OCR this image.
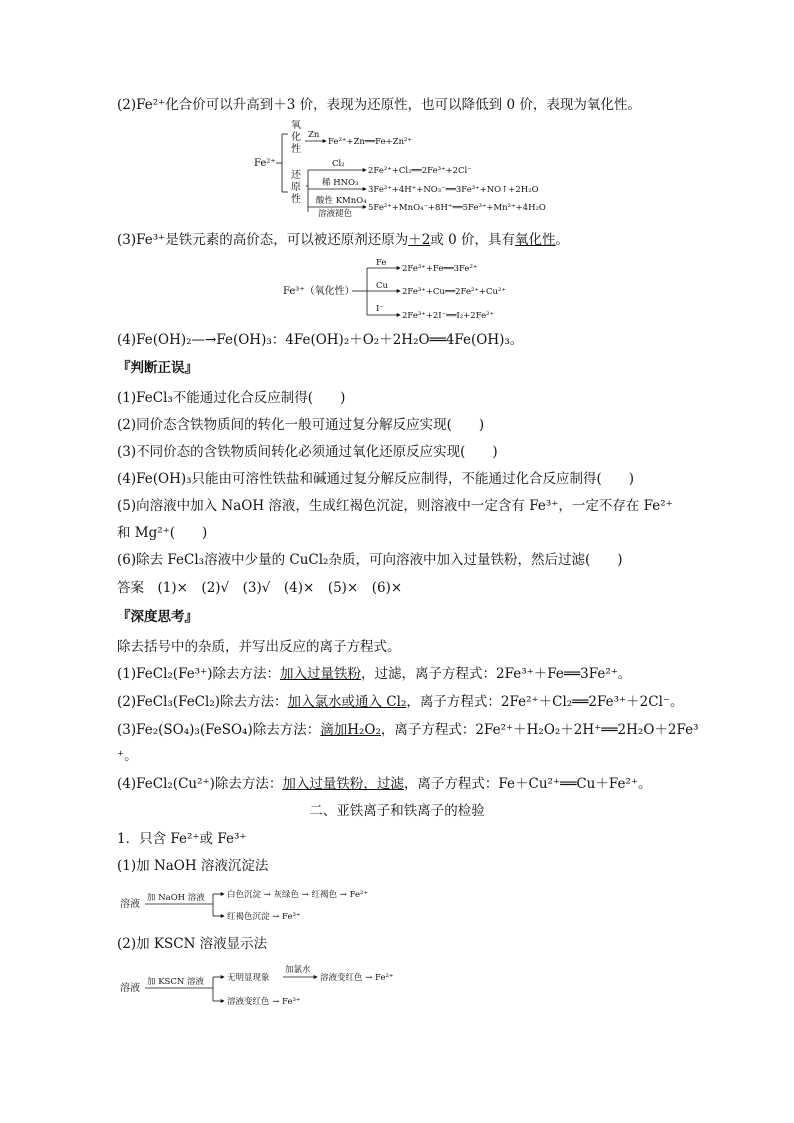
(2)Fe²⁺化合价可以升高到＋3 价，表现为还原性，也可以降低到 0 价，表现为氧化性。
Fe²⁺
氧
化
性
还
原
性
Zn
Fe²⁺+Zn══Fe+Zn²⁺
Cl₂
2Fe²⁺+Cl₂══2Fe³⁺+2Cl⁻
稀 HNO₃
3Fe²⁺+4H⁺+NO₃⁻══3Fe³⁺+NO↑+2H₂O
酸性 KMnO₄
溶液褪色
5Fe²⁺+MnO₄⁻+8H⁺══5Fe³⁺+Mn²⁺+4H₂O
(3)Fe³⁺是铁元素的高价态，可以被还原剂还原为＋2或 0 价，具有氧化性。
Fe³⁺（氧化性）
Fe
2Fe³⁺+Fe══3Fe²⁺
Cu
2Fe³⁺+Cu══2Fe²⁺+Cu²⁺
I⁻
2Fe³⁺+2I⁻══I₂+2Fe²⁺
(4)Fe(OH)₂—→Fe(OH)₃：4Fe(OH)₂＋O₂＋2H₂O══4Fe(OH)₃。
『判断正误』
(1)FeCl₃不能通过化合反应制得(　　)
(2)同价态含铁物质间的转化一般可通过复分解反应实现(　　)
(3)不同价态的含铁物质间转化必须通过氧化还原反应实现(　　)
(4)Fe(OH)₃只能由可溶性铁盐和碱通过复分解反应制得，不能通过化合反应制得(　　)
(5)向溶液中加入 NaOH 溶液，生成红褐色沉淀，则溶液中一定含有 Fe³⁺，一定不存在 Fe²⁺
和 Mg²⁺(　　)
(6)除去 FeCl₃溶液中少量的 CuCl₂杂质，可向溶液中加入过量铁粉，然后过滤(　　)
答案　(1)×　(2)√　(3)√　(4)×　(5)×　(6)×
『深度思考』
除去括号中的杂质，并写出反应的离子方程式。
(1)FeCl₂(Fe³⁺)除去方法：加入过量铁粉，过滤，离子方程式：2Fe³⁺＋Fe══3Fe²⁺。
(2)FeCl₃(FeCl₂)除去方法：加入氯水或通入 Cl₂，离子方程式：2Fe²⁺＋Cl₂══2Fe³⁺＋2Cl⁻。
(3)Fe₂(SO₄)₃(FeSO₄)除去方法：滴加H₂O₂，离子方程式：2Fe²⁺＋H₂O₂＋2H⁺══2H₂O＋2Fe³
⁺。
(4)FeCl₂(Cu²⁺)除去方法：加入过量铁粉，过滤，离子方程式：Fe＋Cu²⁺══Cu＋Fe²⁺。
二、亚铁离子和铁离子的检验
1．只含 Fe²⁺或 Fe³⁺
(1)加 NaOH 溶液沉淀法
溶液
加 NaOH 溶液	白色沉淀 → 灰绿色 → 红褐色 → Fe²⁺
红褐色沉淀 → Fe³⁺
(2)加 KSCN 溶液显示法
溶液
加 KSCN 溶液	无明显现象
加氯水
溶液变红色 → Fe²⁺
溶液变红色 → Fe³⁺
